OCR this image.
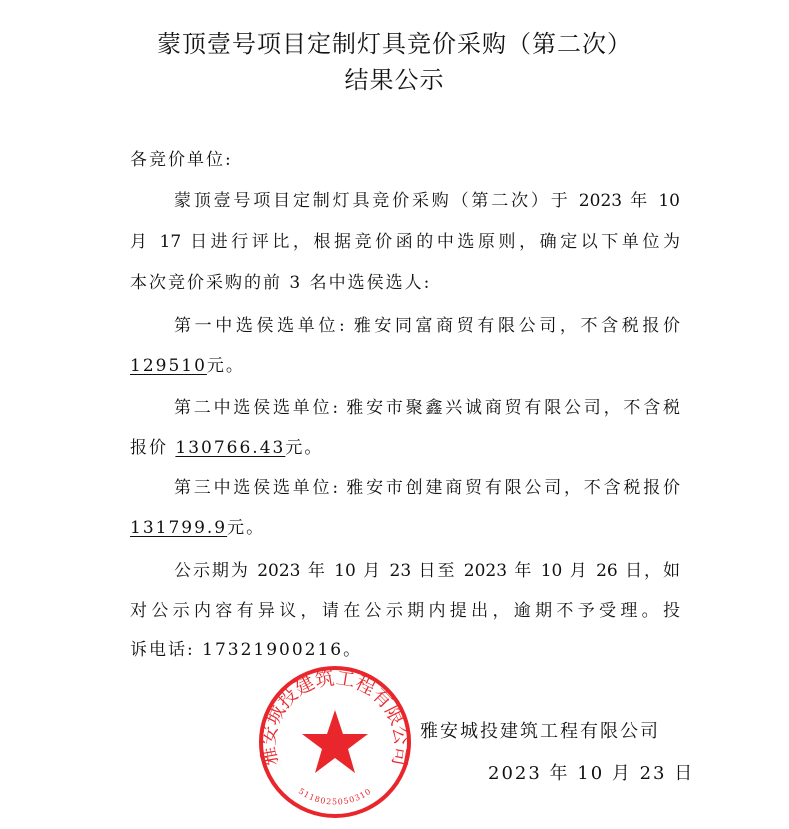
蒙顶壹号项目定制灯具竞价采购（第二次）
结果公示
各竞价单位:
蒙顶壹号项目定制灯具竞价采购（第二次）于 2023 年 10
月 17 日进行评比，根据竞价函的中选原则，确定以下单位为
本次竞价采购的前 3 名中选侯选人:
第一中选侯选单位: 雅安同富商贸有限公司，不含税报价
129510元。
第二中选侯选单位: 雅安市聚鑫兴诚商贸有限公司，不含税
报价 130766.43元。
第三中选侯选单位: 雅安市创建商贸有限公司，不含税报价
131799.9元。
公示期为 2023 年 10 月 23 日至 2023 年 10 月 26 日，如
对公示内容有异议，请在公示期内提出，逾期不予受理。投
诉电话: 17321900216。
雅安城投建筑工程有限公司
5118025050310
雅安城投建筑工程有限公司
2023 年 10 月 23 日
